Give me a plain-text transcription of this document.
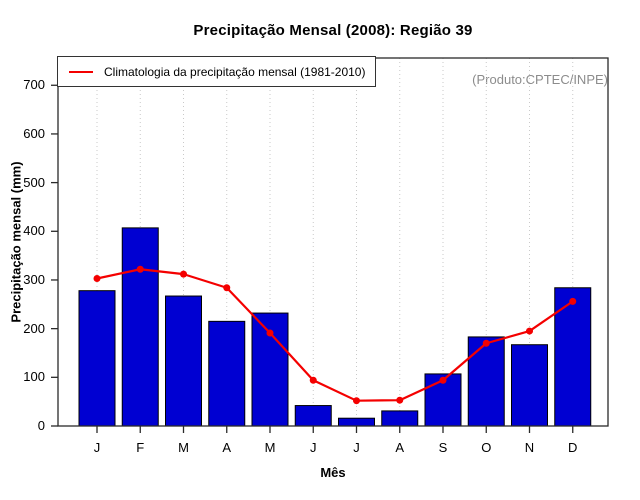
Precipitação Mensal (2008): Região 39
(Produto:CPTEC/INPE)
Precipitação mensal (mm)
0
100
200
300
400
500
600
700
J	F	M	A	M	J	J	A	S	O	N	D
Climatologia da precipitação mensal (1981-2010)
Mês
